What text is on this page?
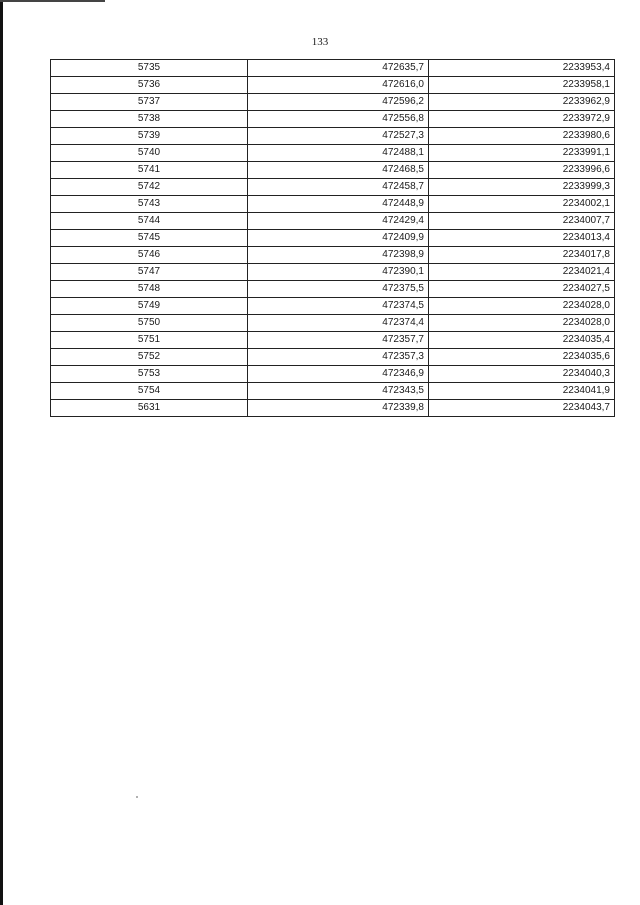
133
5735	472635,7	2233953,4
5736	472616,0	2233958,1
5737	472596,2	2233962,9
5738	472556,8	2233972,9
5739	472527,3	2233980,6
5740	472488,1	2233991,1
5741	472468,5	2233996,6
5742	472458,7	2233999,3
5743	472448,9	2234002,1
5744	472429,4	2234007,7
5745	472409,9	2234013,4
5746	472398,9	2234017,8
5747	472390,1	2234021,4
5748	472375,5	2234027,5
5749	472374,5	2234028,0
5750	472374,4	2234028,0
5751	472357,7	2234035,4
5752	472357,3	2234035,6
5753	472346,9	2234040,3
5754	472343,5	2234041,9
5631	472339,8	2234043,7
